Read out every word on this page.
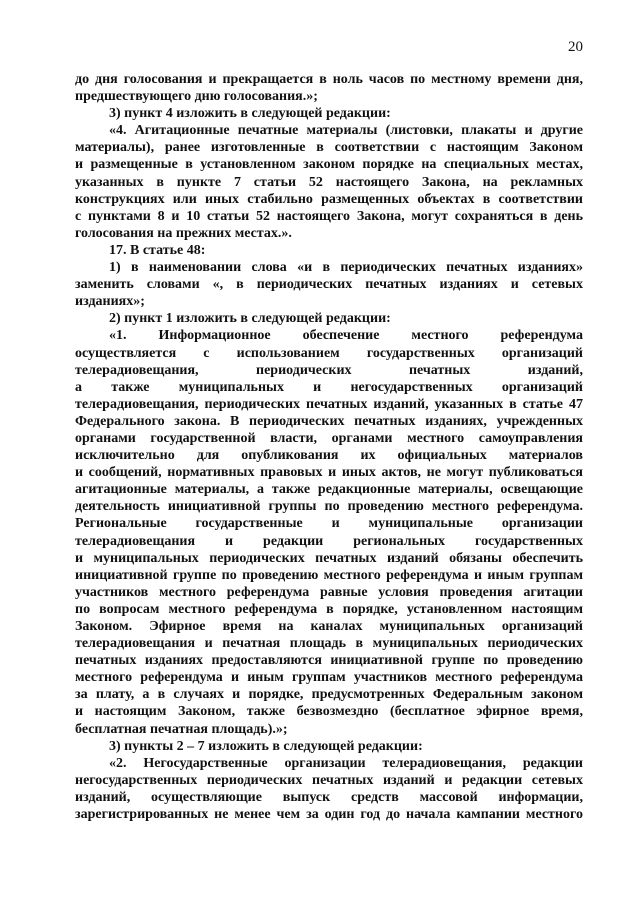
20
до дня голосования и прекращается в ноль часов по местному времени дня,
предшествующего дню голосования.»;
3) пункт 4 изложить в следующей редакции:
«4. Агитационные печатные материалы (листовки, плакаты и другие
материалы), ранее изготовленные в соответствии с настоящим Законом
и размещенные в установленном законом порядке на специальных местах,
указанных в пункте 7 статьи 52 настоящего Закона, на рекламных
конструкциях или иных стабильно размещенных объектах в соответствии
с пунктами 8 и 10 статьи 52 настоящего Закона, могут сохраняться в день
голосования на прежних местах.».
17. В статье 48:
1) в наименовании слова «и в периодических печатных изданиях»
заменить словами «, в периодических печатных изданиях и сетевых
изданиях»;
2) пункт 1 изложить в следующей редакции:
«1. Информационное обеспечение местного референдума
осуществляется с использованием государственных организаций
телерадиовещания, периодических печатных изданий,
а также муниципальных и негосударственных организаций
телерадиовещания, периодических печатных изданий, указанных в статье 47
Федерального закона. В периодических печатных изданиях, учрежденных
органами государственной власти, органами местного самоуправления
исключительно для опубликования их официальных материалов
и сообщений, нормативных правовых и иных актов, не могут публиковаться
агитационные материалы, а также редакционные материалы, освещающие
деятельность инициативной группы по проведению местного референдума.
Региональные государственные и муниципальные организации
телерадиовещания и редакции региональных государственных
и муниципальных периодических печатных изданий обязаны обеспечить
инициативной группе по проведению местного референдума и иным группам
участников местного референдума равные условия проведения агитации
по вопросам местного референдума в порядке, установленном настоящим
Законом. Эфирное время на каналах муниципальных организаций
телерадиовещания и печатная площадь в муниципальных периодических
печатных изданиях предоставляются инициативной группе по проведению
местного референдума и иным группам участников местного референдума
за плату, а в случаях и порядке, предусмотренных Федеральным законом
и настоящим Законом, также безвозмездно (бесплатное эфирное время,
бесплатная печатная площадь).»;
3) пункты 2 – 7 изложить в следующей редакции:
«2. Негосударственные организации телерадиовещания, редакции
негосударственных периодических печатных изданий и редакции сетевых
изданий, осуществляющие выпуск средств массовой информации,
зарегистрированных не менее чем за один год до начала кампании местного
